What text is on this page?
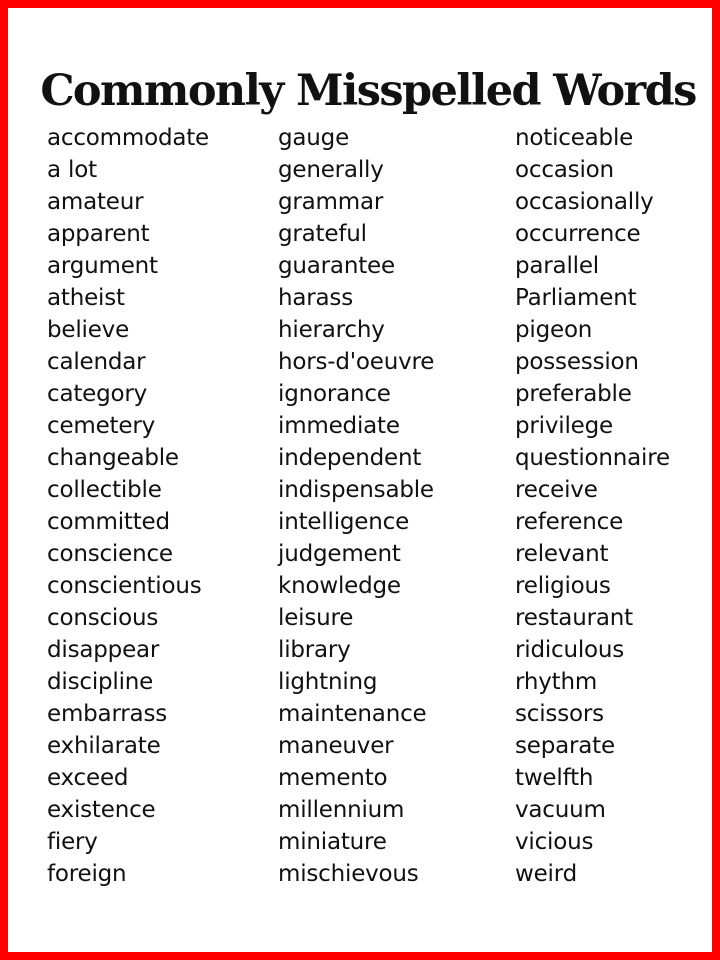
Commonly Misspelled Words
accommodate
a lot
amateur
apparent
argument
atheist
believe
calendar
category
cemetery
changeable
collectible
committed
conscience
conscientious
conscious
disappear
discipline
embarrass
exhilarate
exceed
existence
fiery
foreign
gauge
generally
grammar
grateful
guarantee
harass
hierarchy
hors-d'oeuvre
ignorance
immediate
independent
indispensable
intelligence
judgement
knowledge
leisure
library
lightning
maintenance
maneuver
memento
millennium
miniature
mischievous
noticeable
occasion
occasionally
occurrence
parallel
Parliament
pigeon
possession
preferable
privilege
questionnaire
receive
reference
relevant
religious
restaurant
ridiculous
rhythm
scissors
separate
twelfth
vacuum
vicious
weird
